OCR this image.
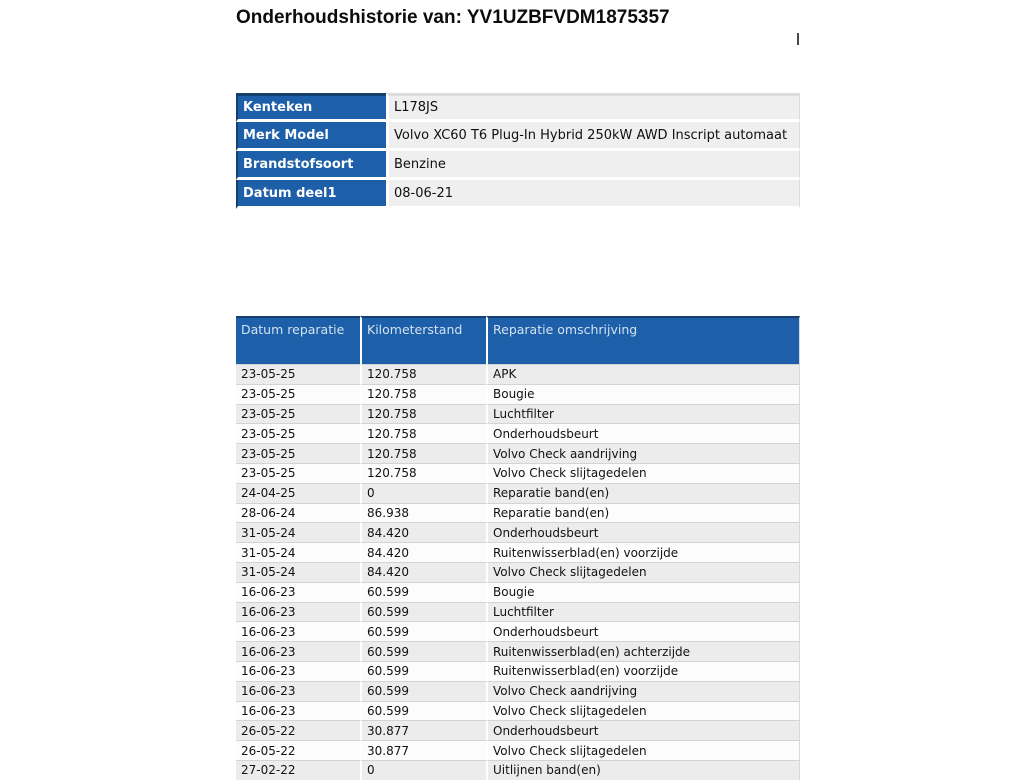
Onderhoudshistorie van: YV1UZBFVDM1875357
Kenteken	L178JS
Merk Model	Volvo XC60 T6 Plug-In Hybrid 250kW AWD Inscript automaat
Brandstofsoort	Benzine
Datum deel1	08-06-21
Datum reparatie	Kilometerstand	Reparatie omschrijving
23-05-25	120.758	APK
23-05-25	120.758	Bougie
23-05-25	120.758	Luchtfilter
23-05-25	120.758	Onderhoudsbeurt
23-05-25	120.758	Volvo Check aandrijving
23-05-25	120.758	Volvo Check slijtagedelen
24-04-25	0	Reparatie band(en)
28-06-24	86.938	Reparatie band(en)
31-05-24	84.420	Onderhoudsbeurt
31-05-24	84.420	Ruitenwisserblad(en) voorzijde
31-05-24	84.420	Volvo Check slijtagedelen
16-06-23	60.599	Bougie
16-06-23	60.599	Luchtfilter
16-06-23	60.599	Onderhoudsbeurt
16-06-23	60.599	Ruitenwisserblad(en) achterzijde
16-06-23	60.599	Ruitenwisserblad(en) voorzijde
16-06-23	60.599	Volvo Check aandrijving
16-06-23	60.599	Volvo Check slijtagedelen
26-05-22	30.877	Onderhoudsbeurt
26-05-22	30.877	Volvo Check slijtagedelen
27-02-22	0	Uitlijnen band(en)
